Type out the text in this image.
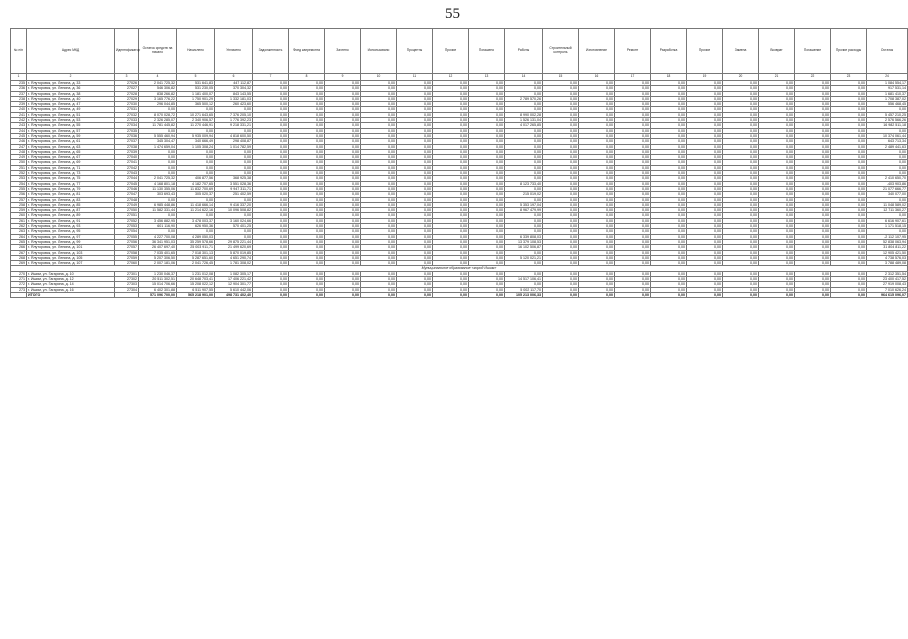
55
№ п/п	Адрес МКД	Идентификатор	Остаток средств на начало	Начислено	Уплачено	Задолженность	Фонд капремонта	Зачтено	Использовано	Проценты	Прочие	Погашено	Работы	Строительный контроль	Изготовление	Ремонт	Разработка	Прочие	Замена	Возврат	Погашение	Прочие расходы	Остаток
1	2	3	4	5	6	7	8	9	10	11	12	13	14	15	16	17	18	19	20	21	22	23	24
235	г. Ялуторовск, ул. Ленина, д. 33	27026	2 041 725,32	531 641,83	447 112,87	0,00	0,00	0,00	0,00	0,00	0,00	0,00	0,00	0,00	0,00	0,00	0,00	0,00	0,00	0,00	0,00	0,00	1 084 554,17
236	г. Ялуторовск, ул. Ленина, д. 36	27027	546 306,82	531 230,05	370 304,32	0,00	0,00	0,00	0,00	0,00	0,00	0,00	0,00	0,00	0,00	0,00	0,00	0,00	0,00	0,00	0,00	0,00	917 531,14
237	г. Ялуторовск, ул. Ленина, д. 38	27028	838 266,82	1 181 400,07	843 143,55	0,00	0,00	0,00	0,00	0,00	0,00	0,00	0,00	0,00	0,00	0,00	0,00	0,00	0,00	0,00	0,00	0,00	1 681 410,37
238	г. Ялуторовск, ул. Ленина, д. 40	27029	3 165 776,22	1 750 901,29	1 332 181,03	0,00	0,00	0,00	0,00	0,00	0,00	0,00	2 789 570,26	0,00	0,00	0,00	0,00	0,00	0,00	0,00	0,00	0,00	1 708 387,02
239	г. Ялуторовск, ул. Ленина, д. 47	27030	296 044,85	365 500,12	260 423,60	0,00	0,00	0,00	0,00	0,00	0,00	0,00	0,00	0,00	0,00	0,00	0,00	0,00	0,00	0,00	0,00	0,00	556 468,45
240	г. Ялуторовск, ул. Ленина, д. 49	27031	0,00	0,00	0,00	0,00	0,00	0,00	0,00	0,00	0,00	0,00	0,00	0,00	0,00	0,00	0,00	0,00	0,00	0,00	0,00	0,00	0,00
241	г. Ялуторовск, ул. Ленина, д. 51	27032	8 070 028,72	10 271 643,65	7 376 205,10	0,00	0,00	0,00	0,00	0,00	0,00	0,00	8 990 002,28	0,00	0,00	0,00	0,00	0,00	0,00	0,00	0,00	0,00	5 457 210,25
242	г. Ялуторовск, ул. Ленина, д. 53	27033	2 326 285,07	2 340 906,57	1 776 392,23	0,00	0,00	0,00	0,00	0,00	0,00	0,00	1 526 131,04	0,00	0,00	0,00	0,00	0,00	0,00	0,00	0,00	0,00	2 576 566,26
243	г. Ялуторовск, ул. Ленина, д. 55	27034	11 781 445,82	11 270 446,91	9 218 331,21	0,00	0,00	0,00	0,00	0,00	0,00	0,00	4 017 265,85	0,00	0,00	0,00	0,00	0,00	0,00	0,00	0,00	0,00	16 982 511,18
244	г. Ялуторовск, ул. Ленина, д. 57	27035	0,00	0,00	0,00	0,00	0,00	0,00	0,00	0,00	0,00	0,00	0,00	0,00	0,00	0,00	0,00	0,00	0,00	0,00	0,00	0,00	0,00
245	г. Ялуторовск, ул. Ленина, д. 59	27036	5 555 460,94	5 935 009,94	4 818 600,50	0,00	0,00	0,00	0,00	0,00	0,00	0,00	0,00	0,00	0,00	0,00	0,00	0,00	0,00	0,00	0,00	0,00	10 374 061,44
246	г. Ялуторовск, ул. Ленина, д. 61	27037	345 304,47	340 666,49	298 408,87	0,00	0,00	0,00	0,00	0,00	0,00	0,00	0,00	0,00	0,00	0,00	0,00	0,00	0,00	0,00	0,00	0,00	643 713,34
247	г. Ялуторовск, ул. Ленина, д. 63	27038	1 474 659,04	1 105 308,24	1 014 782,59	0,00	0,00	0,00	0,00	0,00	0,00	0,00	0,00	0,00	0,00	0,00	0,00	0,00	0,00	0,00	0,00	0,00	2 489 441,63
248	г. Ялуторовск, ул. Ленина, д. 65	27039	0,00	0,00	0,00	0,00	0,00	0,00	0,00	0,00	0,00	0,00	0,00	0,00	0,00	0,00	0,00	0,00	0,00	0,00	0,00	0,00	0,00
249	г. Ялуторовск, ул. Ленина, д. 67	27040	0,00	0,00	0,00	0,00	0,00	0,00	0,00	0,00	0,00	0,00	0,00	0,00	0,00	0,00	0,00	0,00	0,00	0,00	0,00	0,00	0,00
250	г. Ялуторовск, ул. Ленина, д. 69	27041	0,00	0,00	0,00	0,00	0,00	0,00	0,00	0,00	0,00	0,00	0,00	0,00	0,00	0,00	0,00	0,00	0,00	0,00	0,00	0,00	0,00
251	г. Ялуторовск, ул. Ленина, д. 71	27042	0,00	0,00	0,00	0,00	0,00	0,00	0,00	0,00	0,00	0,00	0,00	0,00	0,00	0,00	0,00	0,00	0,00	0,00	0,00	0,00	0,00
252	г. Ялуторовск, ул. Ленина, д. 73	27043	0,00	0,00	0,00	0,00	0,00	0,00	0,00	0,00	0,00	0,00	0,00	0,00	0,00	0,00	0,00	0,00	0,00	0,00	0,00	0,00	0,00
253	г. Ялуторовск, ул. Ленина, д. 75	27044	2 041 725,32	406 877,56	368 925,38	0,00	0,00	0,00	0,00	0,00	0,00	0,00	0,00	0,00	0,00	0,00	0,00	0,00	0,00	0,00	0,00	0,00	2 410 650,70
254	г. Ялуторовск, ул. Ленина, д. 77	27045	4 168 801,18	4 182 707,65	3 551 028,36	0,00	0,00	0,00	0,00	0,00	0,00	0,00	8 123 733,40	0,00	0,00	0,00	0,00	0,00	0,00	0,00	0,00	0,00	-403 903,86
255	г. Ялуторовск, ул. Ленина, д. 79	27046	11 130 355,06	11 832 700,69	9 947 311,71	0,00	0,00	0,00	0,00	0,00	0,00	0,00	0,00	0,00	0,00	0,00	0,00	0,00	0,00	0,00	0,00	0,00	21 077 666,77
256	г. Ялуторовск, ул. Ленина, д. 81	27047	303 693,43	305 020,37	251 402,59	0,00	0,00	0,00	0,00	0,00	0,00	0,00	215 019,02	0,00	0,00	0,00	0,00	0,00	0,00	0,00	0,00	0,00	340 077,00
257	г. Ялуторовск, ул. Ленина, д. 83	27048	0,00	0,00	0,00	0,00	0,00	0,00	0,00	0,00	0,00	0,00	0,00	0,00	0,00	0,00	0,00	0,00	0,00	0,00	0,00	0,00	0,00
258	г. Ялуторовск, ул. Ленина, д. 85	27049	6 985 448,86	11 418 666,14	9 416 337,20	0,00	0,00	0,00	0,00	0,00	0,00	0,00	5 353 197,04	0,00	0,00	0,00	0,00	0,00	0,00	0,00	0,00	0,00	11 048 589,02
259	г. Ялуторовск, ул. Ленина, д. 87	27050	11 582 331,44	11 214 622,16	10 096 508,82	0,00	0,00	0,00	0,00	0,00	0,00	0,00	8 967 479,99	0,00	0,00	0,00	0,00	0,00	0,00	0,00	0,00	0,00	12 711 360,27
260	г. Ялуторовск, ул. Ленина, д. 89	27051	0,00	0,00	0,00	0,00	0,00	0,00	0,00	0,00	0,00	0,00	0,00	0,00	0,00	0,00	0,00	0,00	0,00	0,00	0,00	0,00	0,00
261	г. Ялуторовск, ул. Ленина, д. 91	27052	3 456 882,95	3 478 003,37	3 160 024,66	0,00	0,00	0,00	0,00	0,00	0,00	0,00	0,00	0,00	0,00	0,00	0,00	0,00	0,00	0,00	0,00	0,00	6 616 907,61
262	г. Ялуторовск, ул. Ленина, д. 93	27053	601 116,90	626 950,36	570 401,25	0,00	0,00	0,00	0,00	0,00	0,00	0,00	0,00	0,00	0,00	0,00	0,00	0,00	0,00	0,00	0,00	0,00	1 171 518,15
263	г. Ялуторовск, ул. Ленина, д. 95	27054	0,00	0,00	0,00	0,00	0,00	0,00	0,00	0,00	0,00	0,00	0,00	0,00	0,00	0,00	0,00	0,00	0,00	0,00	0,00	0,00	0,00
264	г. Ялуторовск, ул. Ленина, д. 97	27055	4 227 700,08	4 289 050,03	0,00	0,00	0,00	0,00	0,00	0,00	0,00	0,00	6 339 808,03	0,00	0,00	0,00	0,00	0,00	0,00	0,00	0,00	0,00	-2 112 107,95
265	г. Ялуторовск, ул. Ленина, д. 99	27056	36 341 951,03	35 259 578,66	29 875 221,44	0,00	0,00	0,00	0,00	0,00	0,00	0,00	13 379 108,53	0,00	0,00	0,00	0,00	0,00	0,00	0,00	0,00	0,00	52 838 063,94
266	г. Ялуторовск, ул. Ленина, д. 101	27057	26 407 697,40	25 003 911,71	21 499 620,69	0,00	0,00	0,00	0,00	0,00	0,00	0,00	16 102 506,87	0,00	0,00	0,00	0,00	0,00	0,00	0,00	0,00	0,00	31 804 811,22
267	г. Ялуторовск, ул. Ленина, д. 103	27058	7 035 401,65	7 018 301,13	5 870 019,85	0,00	0,00	0,00	0,00	0,00	0,00	0,00	0,00	0,00	0,00	0,00	0,00	0,00	0,00	0,00	0,00	0,00	12 905 421,50
268	г. Ялуторовск, ул. Ленина, д. 105	27059	5 207 306,50	5 287 651,60	4 651 290,74	0,00	0,00	0,00	0,00	0,00	0,00	0,00	5 120 021,21	0,00	0,00	0,00	0,00	0,00	0,00	0,00	0,00	0,00	4 738 576,03
269	г. Ялуторовск, ул. Ленина, д. 107	27060	2 007 181,06	2 041 726,45	1 781 308,02	0,00	0,00	0,00	0,00	0,00	0,00	0,00	0,00	0,00	0,00	0,00	0,00	0,00	0,00	0,00	0,00	0,00	3 788 489,08
Муниципальное образование «город Ишим»																							
270	г. Ишим, ул. Гагарина, д. 10	27301	1 230 046,37	1 231 012,08	1 082 305,17	0,00	0,00	0,00	0,00	0,00	0,00	0,00	0,00	0,00	0,00	0,00	0,00	0,00	0,00	0,00	0,00	0,00	2 312 351,54
271	г. Ишим, ул. Гагарина, д. 12	27302	20 511 302,51	20 648 703,41	17 406 221,42	0,00	0,00	0,00	0,00	0,00	0,00	0,00	14 517 106,41	0,00	0,00	0,00	0,00	0,00	0,00	0,00	0,00	0,00	23 400 417,52
272	г. Ишим, ул. Гагарина, д. 14	27303	15 014 706,66	15 208 022,12	12 904 301,77	0,00	0,00	0,00	0,00	0,00	0,00	0,00	0,00	0,00	0,00	0,00	0,00	0,00	0,00	0,00	0,00	0,00	27 919 008,43
273	г. Ишим, ул. Гагарина, д. 16	27304	6 402 301,88	6 511 907,55	5 610 442,06	0,00	0,00	0,00	0,00	0,00	0,00	0,00	5 002 117,70	0,00	0,00	0,00	0,00	0,00	0,00	0,00	0,00	0,00	7 010 626,24
	ИТОГО		571 096 700,00	565 218 901,00	498 731 402,40	0,00	0,00	0,00	0,00	0,00	0,00	0,00	105 213 006,33	0,00	0,00	0,00	0,00	0,00	0,00	0,00	0,00	0,00	964 615 096,07
